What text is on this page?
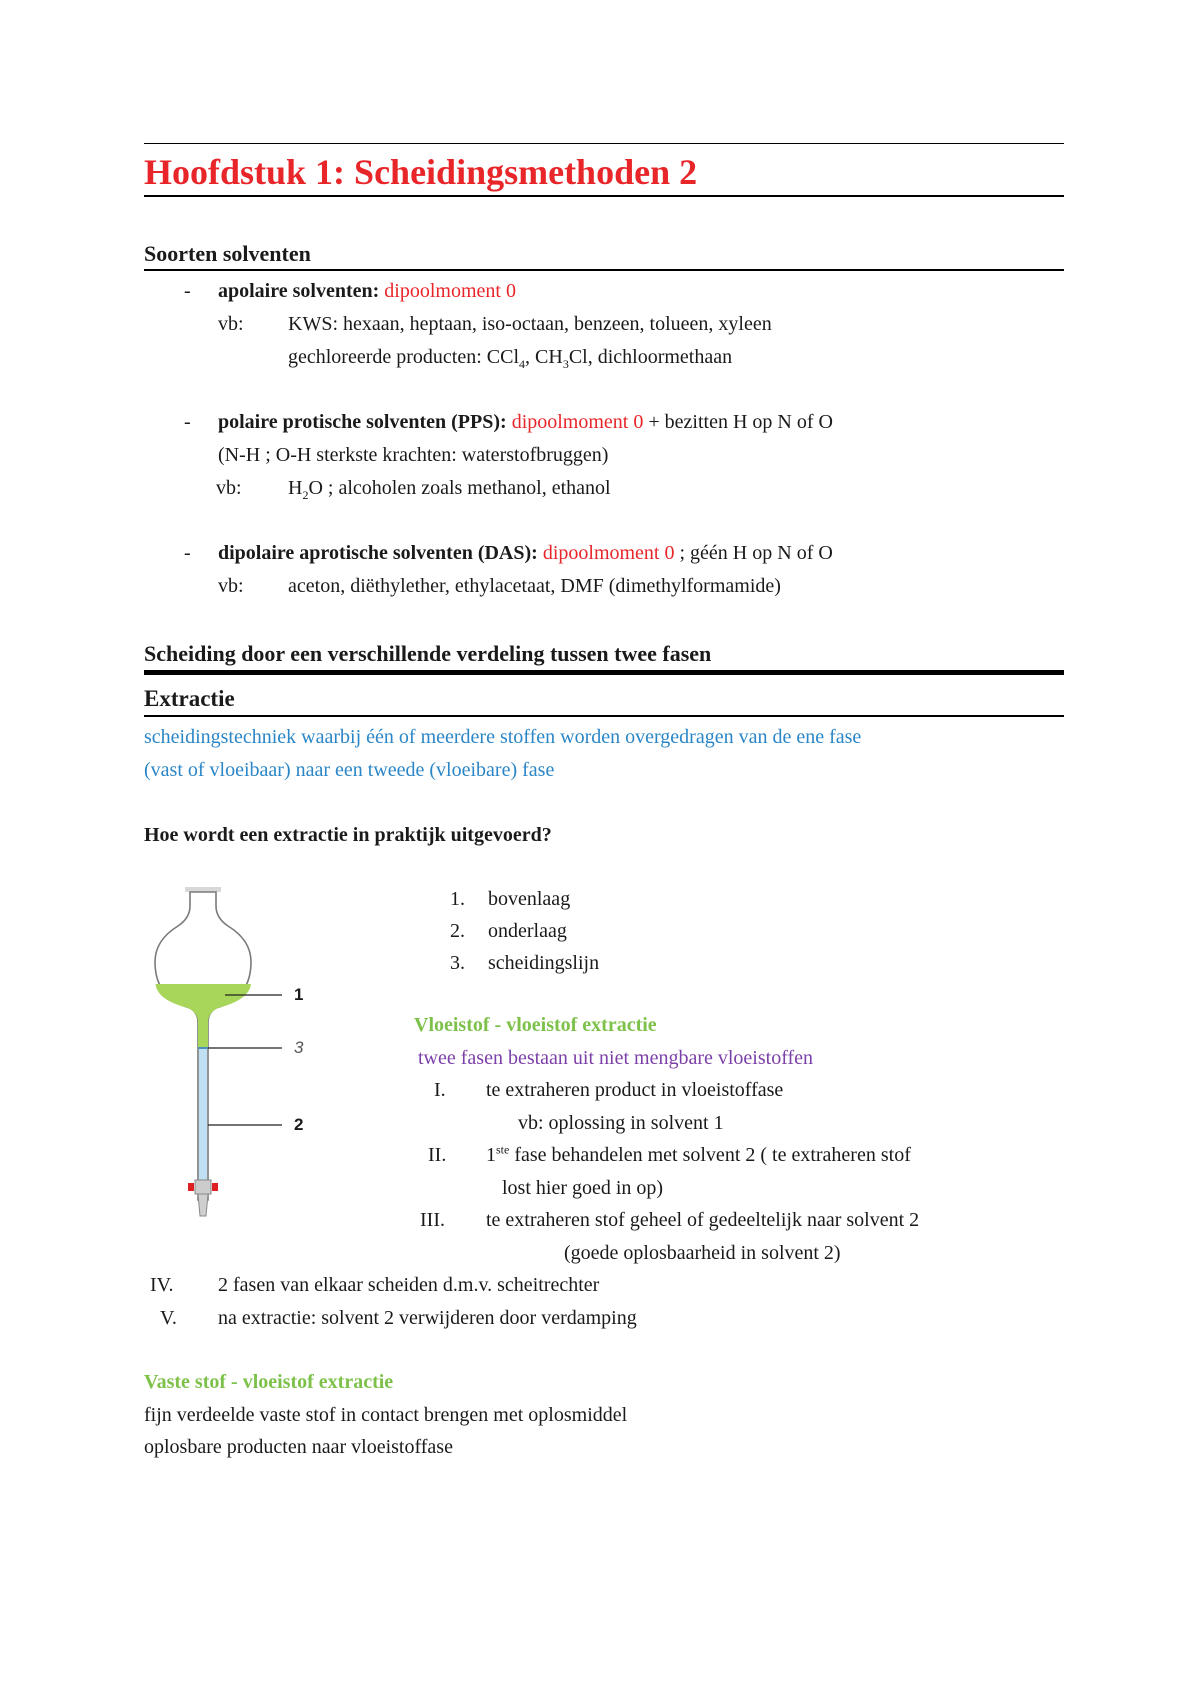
Hoofdstuk 1: Scheidingsmethoden 2
Soorten solventen
- apolaire solventen: dipoolmoment 0
vb: KWS: hexaan, heptaan, iso-octaan, benzeen, tolueen, xyleen
gechloreerde producten: CCl$_4$, $CH_3Cl$, dichloormethaan
- polaire protische solventen (PPS): dipoolmoment 0 + bezitten H op N of O
(N-H ; O-H sterkste krachten: waterstofbruggen)
vb: $H_2O$ ; alcoholen zoals methanol, ethanol
- dipolaire aprotische solventen (DAS): dipoolmoment 0 ; géén H op N of O
vb: aceton, diëthylether, ethylacetaat, DMF (dimethylformamide)
Scheiding door een verschillende verdeling tussen twee fasen
Extractie
scheidingstechniek waarbij één of meerdere stoffen worden overgedragen van de ene fase
(vast of vloeibaar) naar een tweede (vloeibare) fase
Hoe wordt een extractie in praktijk uitgevoerd?
1
3
2
1. bovenlaag
2. onderlaag
3. scheidingslijn
Vloeistof - vloeistof extractie
twee fasen bestaan uit niet mengbare vloeistoffen
I. te extraheren product in vloeistoffase
vb: oplossing in solvent 1
II. 1ste fase behandelen met solvent 2 ( te extraheren stof
lost hier goed in op)
III. te extraheren stof geheel of gedeeltelijk naar solvent 2
(goede oplosbaarheid in solvent 2)
IV. 2 fasen van elkaar scheiden d.m.v. scheitrechter
V. na extractie: solvent 2 verwijderen door verdamping
Vaste stof - vloeistof extractie
fijn verdeelde vaste stof in contact brengen met oplosmiddel
oplosbare producten naar vloeistoffase
